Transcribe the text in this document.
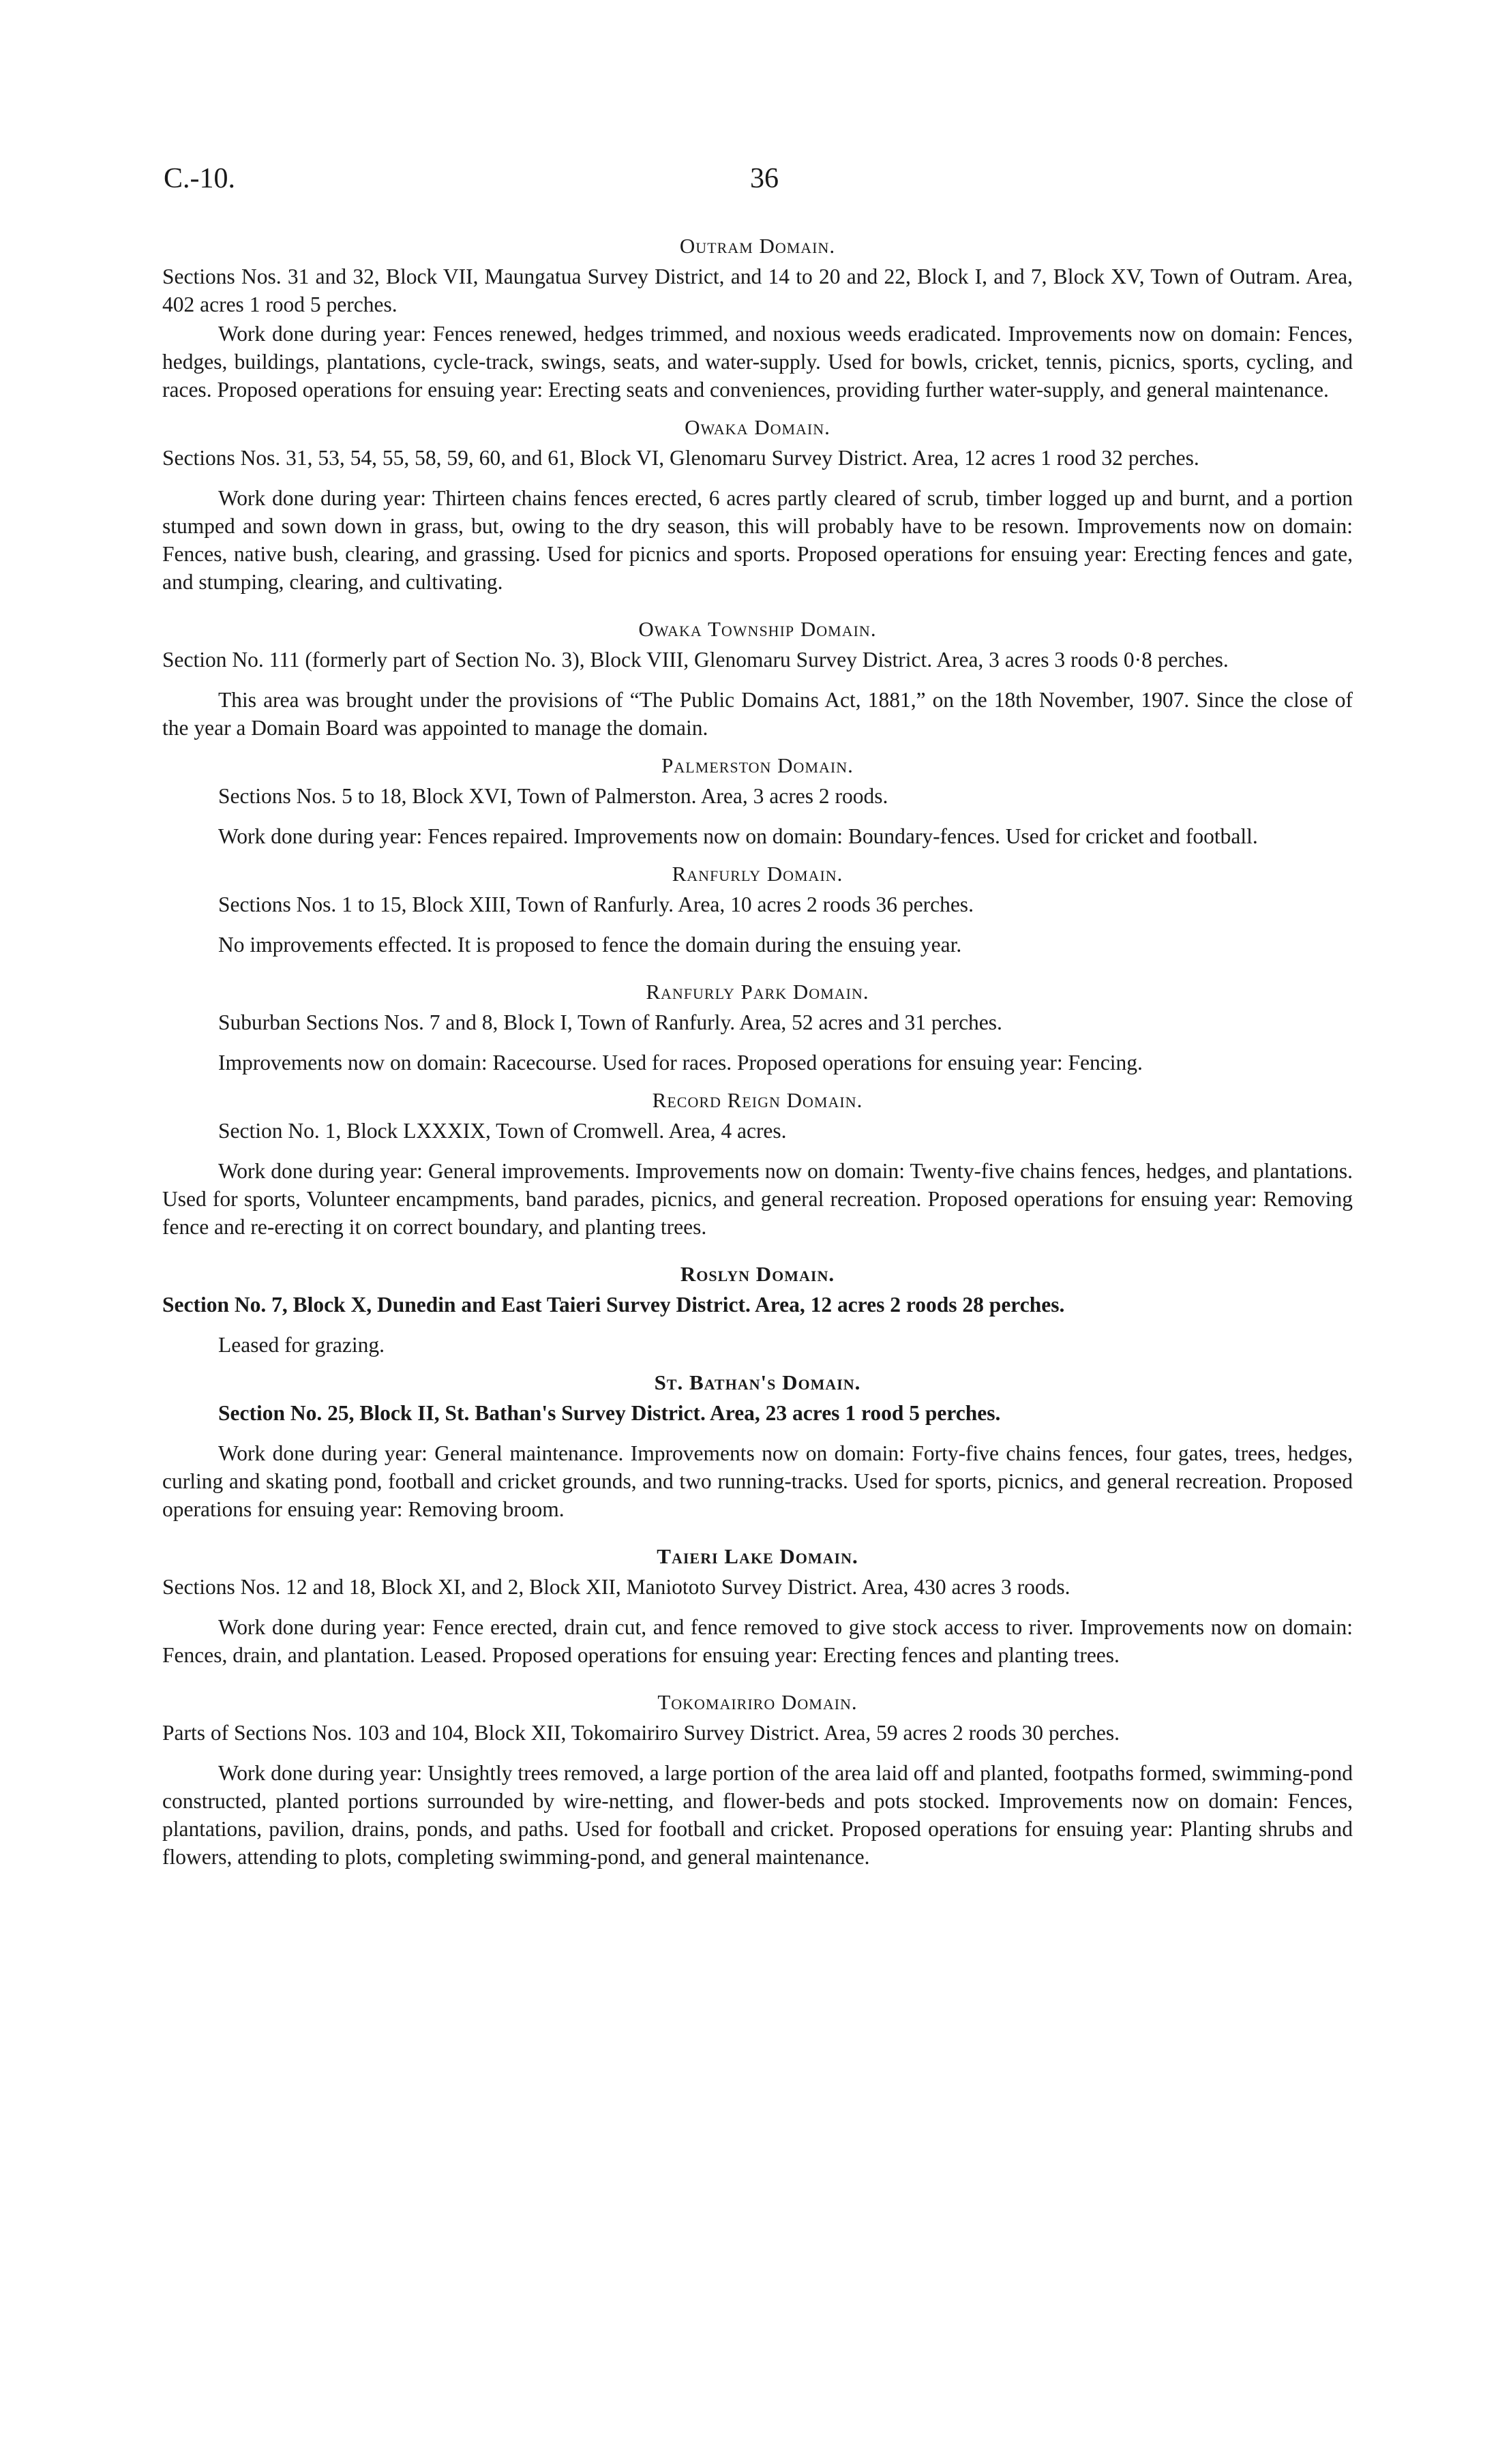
C.-10.	36
Outram Domain.

Sections Nos. 31 and 32, Block VII, Maungatua Survey District, and 14 to 20 and 22, Block I, and 7, Block XV, Town of Outram. Area, 402 acres 1 rood 5 perches.

Work done during year: Fences renewed, hedges trimmed, and noxious weeds eradicated. Improvements now on domain: Fences, hedges, buildings, plantations, cycle-track, swings, seats, and water-supply. Used for bowls, cricket, tennis, picnics, sports, cycling, and races. Proposed operations for ensuing year: Erecting seats and conveniences, providing further water-supply, and general maintenance.

Owaka Domain.

Sections Nos. 31, 53, 54, 55, 58, 59, 60, and 61, Block VI, Glenomaru Survey District. Area, 12 acres 1 rood 32 perches.

Work done during year: Thirteen chains fences erected, 6 acres partly cleared of scrub, timber logged up and burnt, and a portion stumped and sown down in grass, but, owing to the dry season, this will probably have to be resown. Improvements now on domain: Fences, native bush, clearing, and grassing. Used for picnics and sports. Proposed operations for ensuing year: Erecting fences and gate, and stumping, clearing, and cultivating.

Owaka Township Domain.

Section No. 111 (formerly part of Section No. 3), Block VIII, Glenomaru Survey District. Area, 3 acres 3 roods 0·8 perches.

This area was brought under the provisions of “The Public Domains Act, 1881,” on the 18th November, 1907. Since the close of the year a Domain Board was appointed to manage the domain.

Palmerston Domain.

Sections Nos. 5 to 18, Block XVI, Town of Palmerston. Area, 3 acres 2 roods.

Work done during year: Fences repaired. Improvements now on domain: Boundary-fences. Used for cricket and football.

Ranfurly Domain.

Sections Nos. 1 to 15, Block XIII, Town of Ranfurly. Area, 10 acres 2 roods 36 perches.

No improvements effected. It is proposed to fence the domain during the ensuing year.

Ranfurly Park Domain.

Suburban Sections Nos. 7 and 8, Block I, Town of Ranfurly. Area, 52 acres and 31 perches.

Improvements now on domain: Racecourse. Used for races. Proposed operations for ensuing year: Fencing.

Record Reign Domain.

Section No. 1, Block LXXXIX, Town of Cromwell. Area, 4 acres.

Work done during year: General improvements. Improvements now on domain: Twenty-five chains fences, hedges, and plantations. Used for sports, Volunteer encampments, band parades, picnics, and general recreation. Proposed operations for ensuing year: Removing fence and re-erecting it on correct boundary, and planting trees.

Roslyn Domain.

Section No. 7, Block X, Dunedin and East Taieri Survey District. Area, 12 acres 2 roods 28 perches.

Leased for grazing.

St. Bathan's Domain.

Section No. 25, Block II, St. Bathan's Survey District. Area, 23 acres 1 rood 5 perches.

Work done during year: General maintenance. Improvements now on domain: Forty-five chains fences, four gates, trees, hedges, curling and skating pond, football and cricket grounds, and two running-tracks. Used for sports, picnics, and general recreation. Proposed operations for ensuing year: Removing broom.

Taieri Lake Domain.

Sections Nos. 12 and 18, Block XI, and 2, Block XII, Maniototo Survey District. Area, 430 acres 3 roods.

Work done during year: Fence erected, drain cut, and fence removed to give stock access to river. Improvements now on domain: Fences, drain, and plantation. Leased. Proposed operations for ensuing year: Erecting fences and planting trees.

Tokomairiro Domain.

Parts of Sections Nos. 103 and 104, Block XII, Tokomairiro Survey District. Area, 59 acres 2 roods 30 perches.

Work done during year: Unsightly trees removed, a large portion of the area laid off and planted, footpaths formed, swimming-pond constructed, planted portions surrounded by wire-netting, and flower-beds and pots stocked. Improvements now on domain: Fences, plantations, pavilion, drains, ponds, and paths. Used for football and cricket. Proposed operations for ensuing year: Planting shrubs and flowers, attending to plots, completing swimming-pond, and general maintenance.
